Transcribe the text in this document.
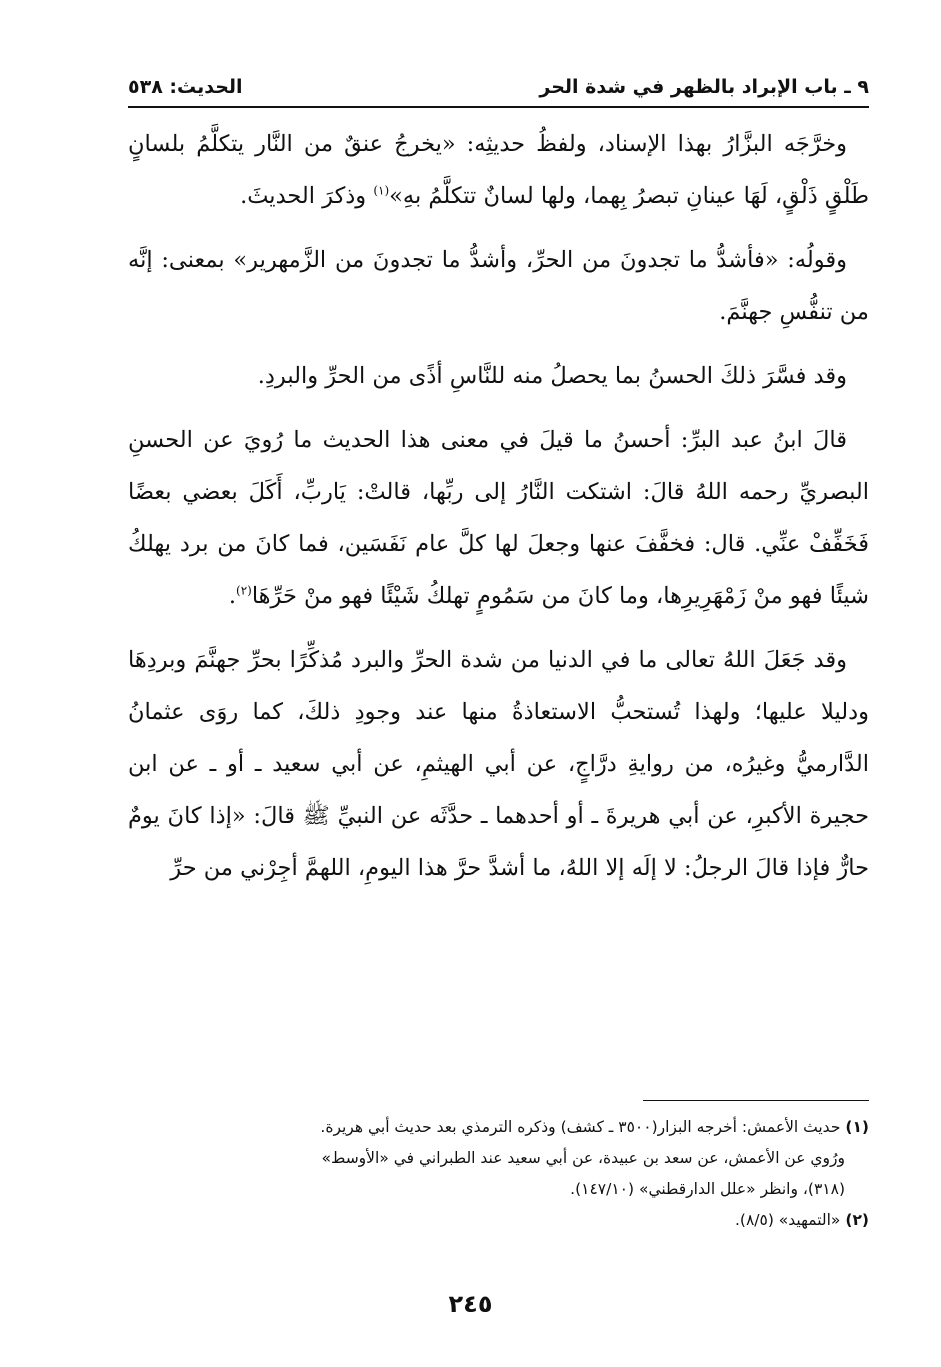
٩ ـ باب الإبراد بالظهر في شدة الحر
الحديث: ٥٣٨

وخرَّجَه البزَّارُ بهذا الإسناد، ولفظُ حديثِه: «يخرجُ عنقٌ من النَّار يتكلَّمُ بلسانٍ طَلْقٍ ذَلْقٍ، لَهَا عينانِ تبصرُ بِهما، ولها لسانٌ تتكلَّمُ بهِ»$^{(١)}$ وذكرَ الحديثَ.

وقولُه: «فأشدُّ ما تجدونَ من الحرِّ، وأشدُّ ما تجدونَ من الزَّمهرير» بمعنى: إنَّه من تنفُّسِ جهنَّمَ.

وقد فسَّرَ ذلكَ الحسنُ بما يحصلُ منه للنَّاسِ أذًى من الحرِّ والبردِ.

قالَ ابنُ عبد البرِّ: أحسنُ ما قيلَ في معنى هذا الحديث ما رُويَ عن الحسنِ البصريِّ رحمه اللهُ قالَ: اشتكت النَّارُ إلى ربِّها، قالتْ: يَاربِّ، أَكَلَ بعضي بعضًا فَخَفِّفْ عنِّي. قال: فخفَّفَ عنها وجعلَ لها كلَّ عام نَفَسَين، فما كانَ من برد يهلكُ شيئًا فهو منْ زَمْهَرِيرِها، وما كانَ من سَمُومٍ تهلكُ شَيْئًا فهو منْ حَرِّهَا$^{(٢)}$.

وقد جَعَلَ اللهُ تعالى ما في الدنيا من شدة الحرِّ والبرد مُذكِّرًا بحرِّ جهنَّمَ وبردِهَا ودليلا عليها؛ ولهذا تُستحبُّ الاستعاذةُ منها عند وجودِ ذلكَ، كما روَى عثمانُ الدَّارميُّ وغيرُه، من روايةِ درَّاجٍ، عن أبي الهيثمِ، عن أبي سعيد ـ أو ـ عن ابن حجيرة الأكبرِ، عن أبي هريرةَ ـ أو أحدهما ـ حدَّثَه عن النبيِّ ﷺ قالَ: «إذا كانَ يومٌ حارٌّ فإذا قالَ الرجلُ: لا إلَه إلا اللهُ، ما أشدَّ حرَّ هذا اليومِ، اللهمَّ أجِرْني من حرِّ

(١) حديث الأعمش: أخرجه البزار(٣٥٠٠ ـ كشف) وذكره الترمذي بعد حديث أبي هريرة.

ورُوي عن الأعمش، عن سعد بن عبيدة، عن أبي سعيد عند الطبراني في «الأوسط»

(٣١٨)، وانظر «علل الدارقطني» (١٤٧/١٠).

(٢) «التمهيد» (٨/٥).

٢٤٥
